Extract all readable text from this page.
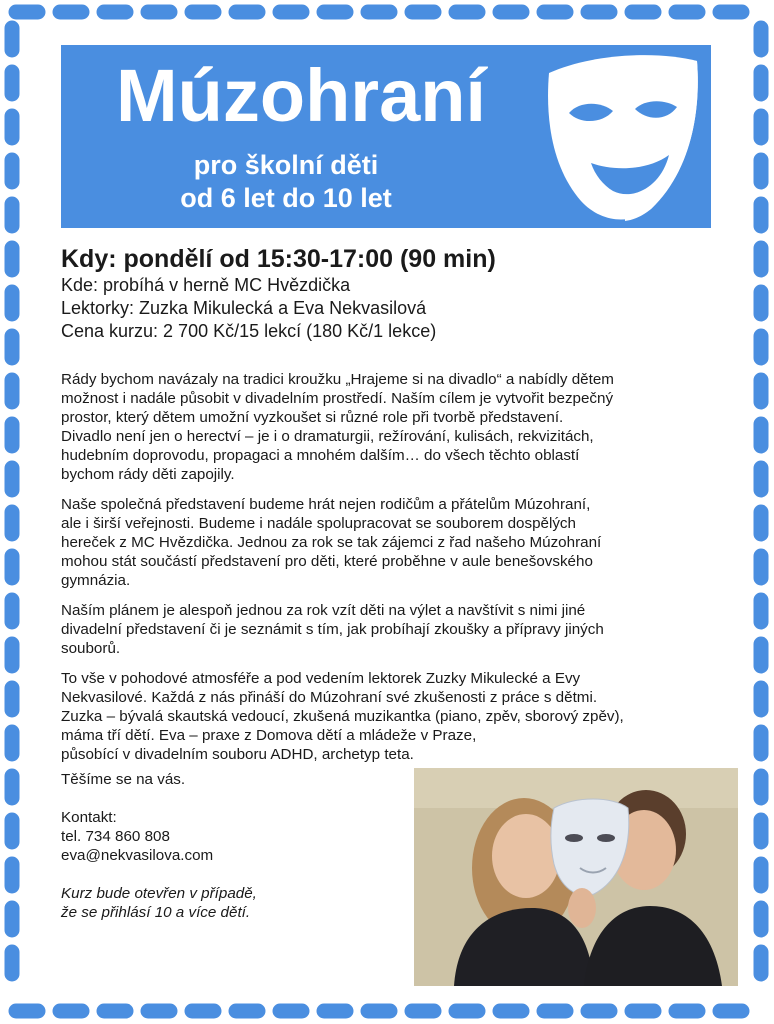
Múzohraní
pro školní děti
od 6 let do 10 let

Kdy: pondělí od 15:30-17:00 (90 min)

Kde: probíhá v herně MC Hvězdička

Lektorky: Zuzka Mikulecká a Eva Nekvasilová

Cena kurzu: 2 700 Kč/15 lekcí (180 Kč/1 lekce)

Rády bychom navázaly na tradici kroužku „Hrajeme si na divadlo“ a nabídly dětem
možnost i nadále působit v divadelním prostředí. Naším cílem je vytvořit bezpečný
prostor, který dětem umožní vyzkoušet si různé role při tvorbě představení.
Divadlo není jen o herectví – je i o dramaturgii, režírování, kulisách, rekvizitách,
hudebním doprovodu, propagaci a mnohém dalším… do všech těchto oblastí
bychom rády děti zapojily.

Naše společná představení budeme hrát nejen rodičům a přátelům Múzohraní,
ale i širší veřejnosti. Budeme i nadále spolupracovat se souborem dospělých
hereček z MC Hvězdička. Jednou za rok se tak zájemci z řad našeho Múzohraní
mohou stát součástí představení pro děti, které proběhne v aule benešovského
gymnázia.

Naším plánem je alespoň jednou za rok vzít děti na výlet a navštívit s nimi jiné
divadelní představení či je seznámit s tím, jak probíhají zkoušky a přípravy jiných
souborů.

To vše v pohodové atmosféře a pod vedením lektorek Zuzky Mikulecké a Evy
Nekvasilové. Každá z nás přináší do Múzohraní své zkušenosti z práce s dětmi.
Zuzka – bývalá skautská vedoucí, zkušená muzikantka (piano, zpěv, sborový zpěv),
máma tří dětí. Eva – praxe z Domova dětí a mládeže v Praze,
působící v divadelním souboru ADHD, archetyp teta.

Těšíme se na vás.

Kontakt:

tel. 734 860 808

eva@nekvasilova.com

Kurz bude otevřen v případě,

že se přihlásí 10 a více dětí.
